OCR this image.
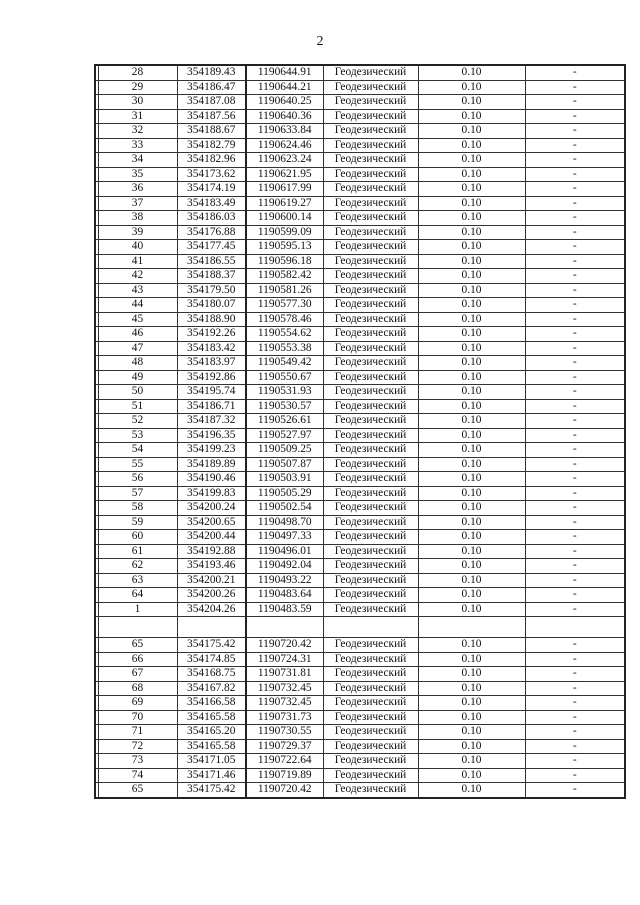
2
	28	354189.43	1190644.91	Геодезический	0.10	-
	29	354186.47	1190644.21	Геодезический	0.10	-
	30	354187.08	1190640.25	Геодезический	0.10	-
	31	354187.56	1190640.36	Геодезический	0.10	-
	32	354188.67	1190633.84	Геодезический	0.10	-
	33	354182.79	1190624.46	Геодезический	0.10	-
	34	354182.96	1190623.24	Геодезический	0.10	-
	35	354173.62	1190621.95	Геодезический	0.10	-
	36	354174.19	1190617.99	Геодезический	0.10	-
	37	354183.49	1190619.27	Геодезический	0.10	-
	38	354186.03	1190600.14	Геодезический	0.10	-
	39	354176.88	1190599.09	Геодезический	0.10	-
	40	354177.45	1190595.13	Геодезический	0.10	-
	41	354186.55	1190596.18	Геодезический	0.10	-
	42	354188.37	1190582.42	Геодезический	0.10	-
	43	354179.50	1190581.26	Геодезический	0.10	-
	44	354180.07	1190577.30	Геодезический	0.10	-
	45	354188.90	1190578.46	Геодезический	0.10	-
	46	354192.26	1190554.62	Геодезический	0.10	-
	47	354183.42	1190553.38	Геодезический	0.10	-
	48	354183.97	1190549.42	Геодезический	0.10	-
	49	354192.86	1190550.67	Геодезический	0.10	-
	50	354195.74	1190531.93	Геодезический	0.10	-
	51	354186.71	1190530.57	Геодезический	0.10	-
	52	354187.32	1190526.61	Геодезический	0.10	-
	53	354196.35	1190527.97	Геодезический	0.10	-
	54	354199.23	1190509.25	Геодезический	0.10	-
	55	354189.89	1190507.87	Геодезический	0.10	-
	56	354190.46	1190503.91	Геодезический	0.10	-
	57	354199.83	1190505.29	Геодезический	0.10	-
	58	354200.24	1190502.54	Геодезический	0.10	-
	59	354200.65	1190498.70	Геодезический	0.10	-
	60	354200.44	1190497.33	Геодезический	0.10	-
	61	354192.88	1190496.01	Геодезический	0.10	-
	62	354193.46	1190492.04	Геодезический	0.10	-
	63	354200.21	1190493.22	Геодезический	0.10	-
	64	354200.26	1190483.64	Геодезический	0.10	-
	1	354204.26	1190483.59	Геодезический	0.10	-

	65	354175.42	1190720.42	Геодезический	0.10	-
	66	354174.85	1190724.31	Геодезический	0.10	-
	67	354168.75	1190731.81	Геодезический	0.10	-
	68	354167.82	1190732.45	Геодезический	0.10	-
	69	354166.58	1190732.45	Геодезический	0.10	-
	70	354165.58	1190731.73	Геодезический	0.10	-
	71	354165.20	1190730.55	Геодезический	0.10	-
	72	354165.58	1190729.37	Геодезический	0.10	-
	73	354171.05	1190722.64	Геодезический	0.10	-
	74	354171.46	1190719.89	Геодезический	0.10	-
	65	354175.42	1190720.42	Геодезический	0.10	-
